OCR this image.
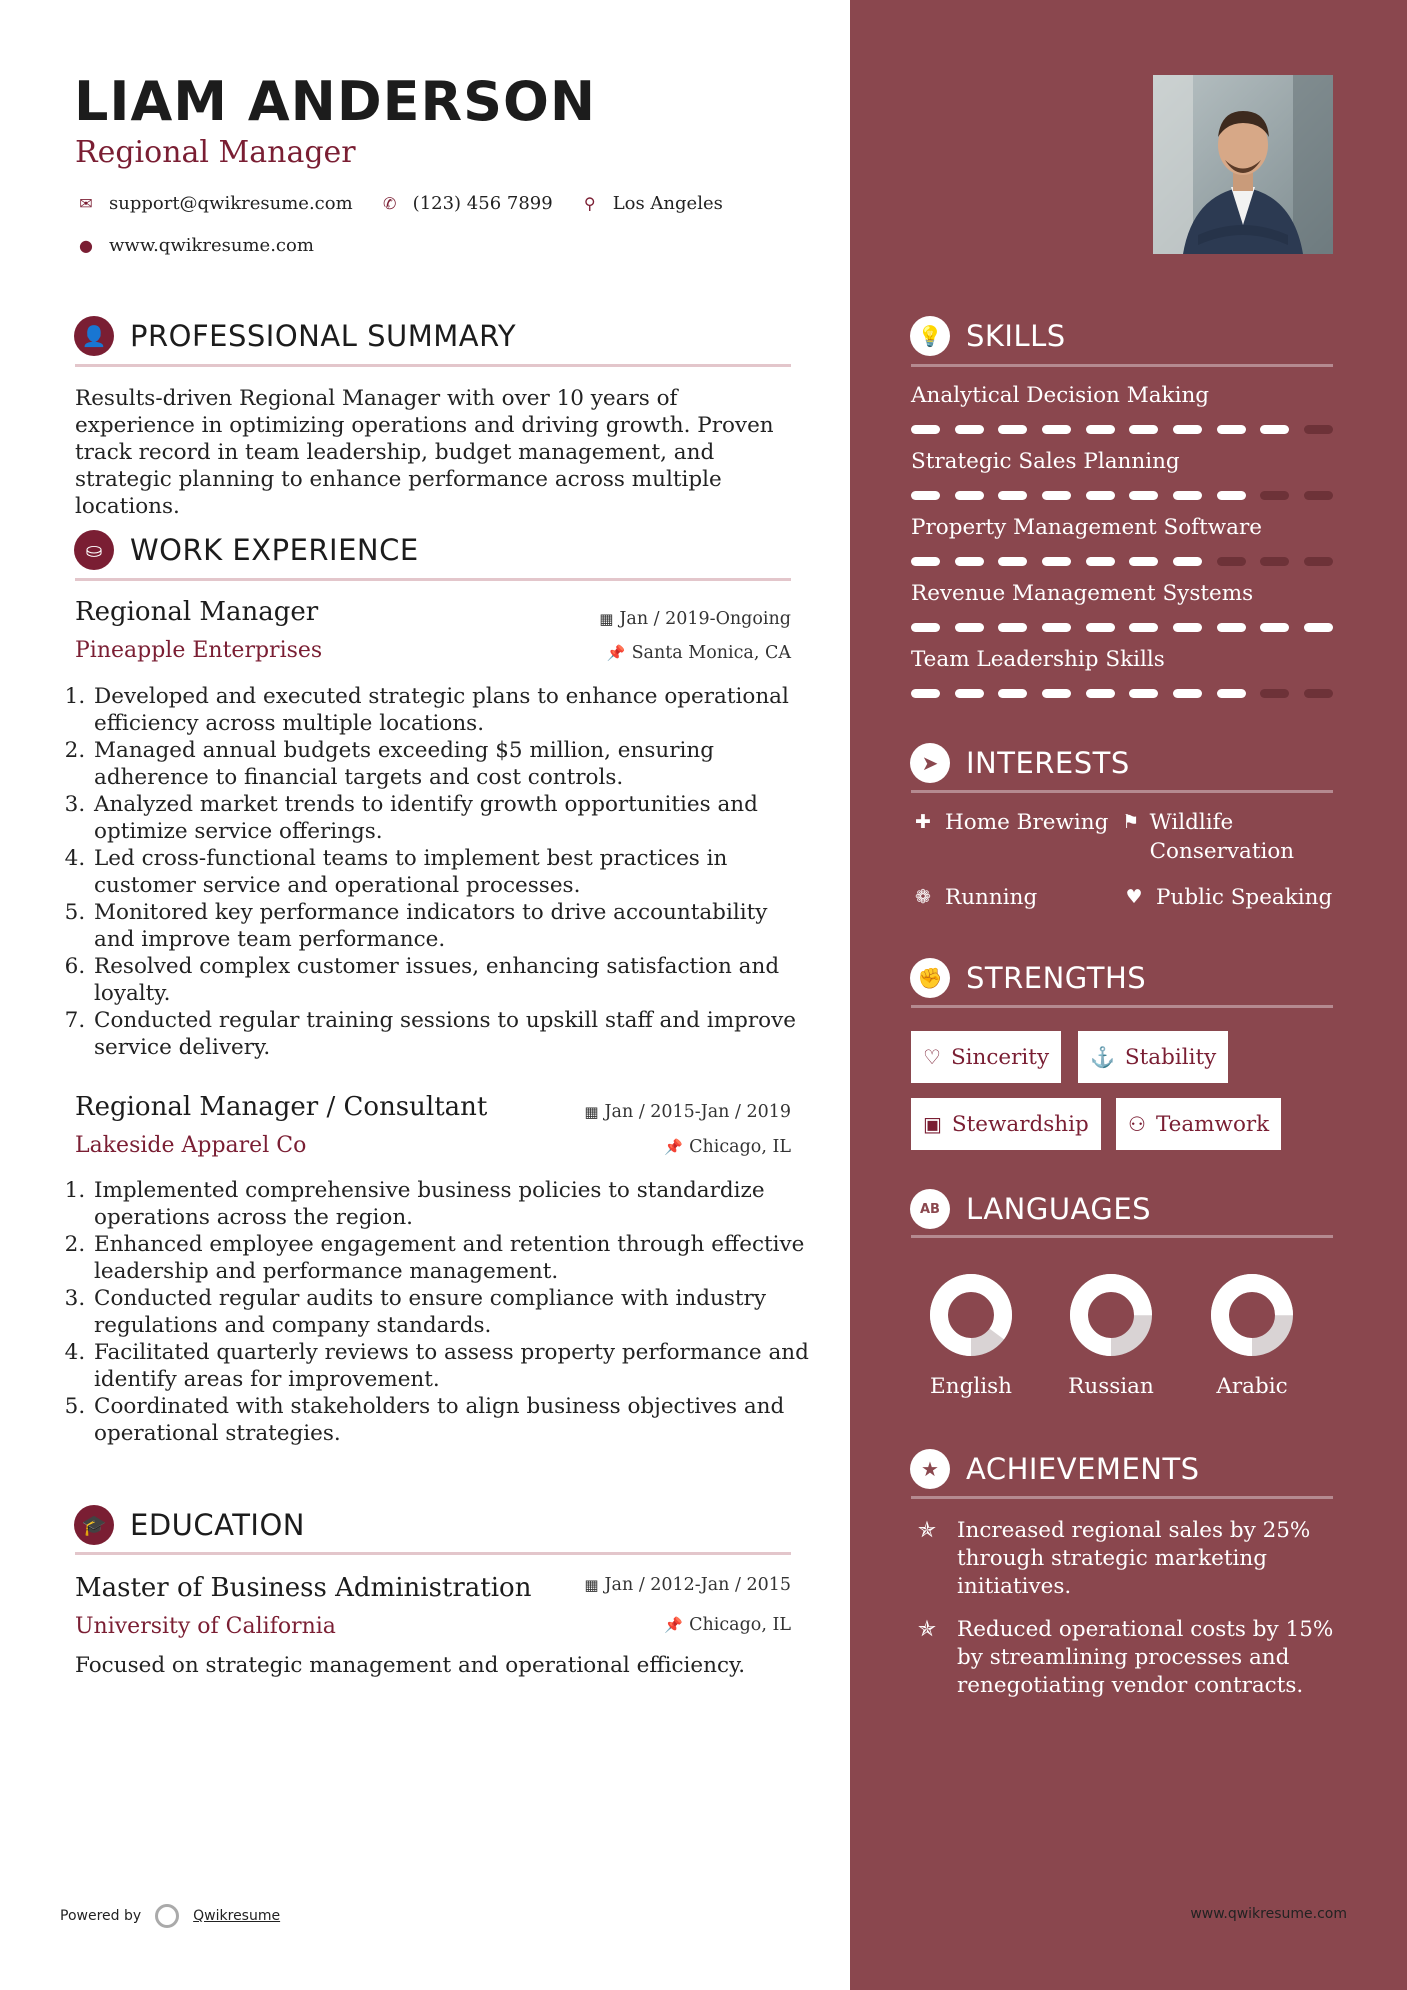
LIAM ANDERSON
Regional Manager
✉ support@qwikresume.com ✆ (123) 456 7899	⚲ Los Angeles
● www.qwikresume.com
👤 PROFESSIONAL SUMMARY
Results-driven Regional Manager with over 10 years of experience in optimizing operations and driving growth. Proven track record in team leadership, budget management, and strategic planning to enhance performance across multiple locations.
⛀ WORK EXPERIENCE
Regional Manager
Pineapple Enterprises
▦ Jan / 2019-Ongoing
📌 Santa Monica, CA
1. Developed and executed strategic plans to enhance operational efficiency across multiple locations.
2. Managed annual budgets exceeding $5 million, ensuring adherence to financial targets and cost controls.
3. Analyzed market trends to identify growth opportunities and optimize service offerings.
4. Led cross-functional teams to implement best practices in customer service and operational processes.
5. Monitored key performance indicators to drive accountability and improve team performance.
6. Resolved complex customer issues, enhancing satisfaction and loyalty.
7. Conducted regular training sessions to upskill staff and improve service delivery.
Regional Manager / Consultant
Lakeside Apparel Co
▦ Jan / 2015-Jan / 2019
📌 Chicago, IL
1. Implemented comprehensive business policies to standardize operations across the region.
2. Enhanced employee engagement and retention through effective leadership and performance management.
3. Conducted regular audits to ensure compliance with industry regulations and company standards.
4. Facilitated quarterly reviews to assess property performance and identify areas for improvement.
5. Coordinated with stakeholders to align business objectives and operational strategies.
🎓 EDUCATION
Master of Business Administration
University of California
▦ Jan / 2012-Jan / 2015
📌 Chicago, IL
Focused on strategic management and operational efficiency.
Powered by	Qwikresume
💡 SKILLS
Analytical Decision Making
Strategic Sales Planning
Property Management Software
Revenue Management Systems
Team Leadership Skills
➤ INTERESTS
✚ Home Brewing ⚑ Wildlife Conservation
❁ Running	♥ Public Speaking
✊ STRENGTHS
♡ Sincerity ⚓ Stability
▣ Stewardship ⚇ Teamwork
AB LANGUAGES
English	Russian	Arabic
★ ACHIEVEMENTS
✯ Increased regional sales by 25% through strategic marketing initiatives.
✯ Reduced operational costs by 15% by streamlining processes and renegotiating vendor contracts.
www.qwikresume.com
